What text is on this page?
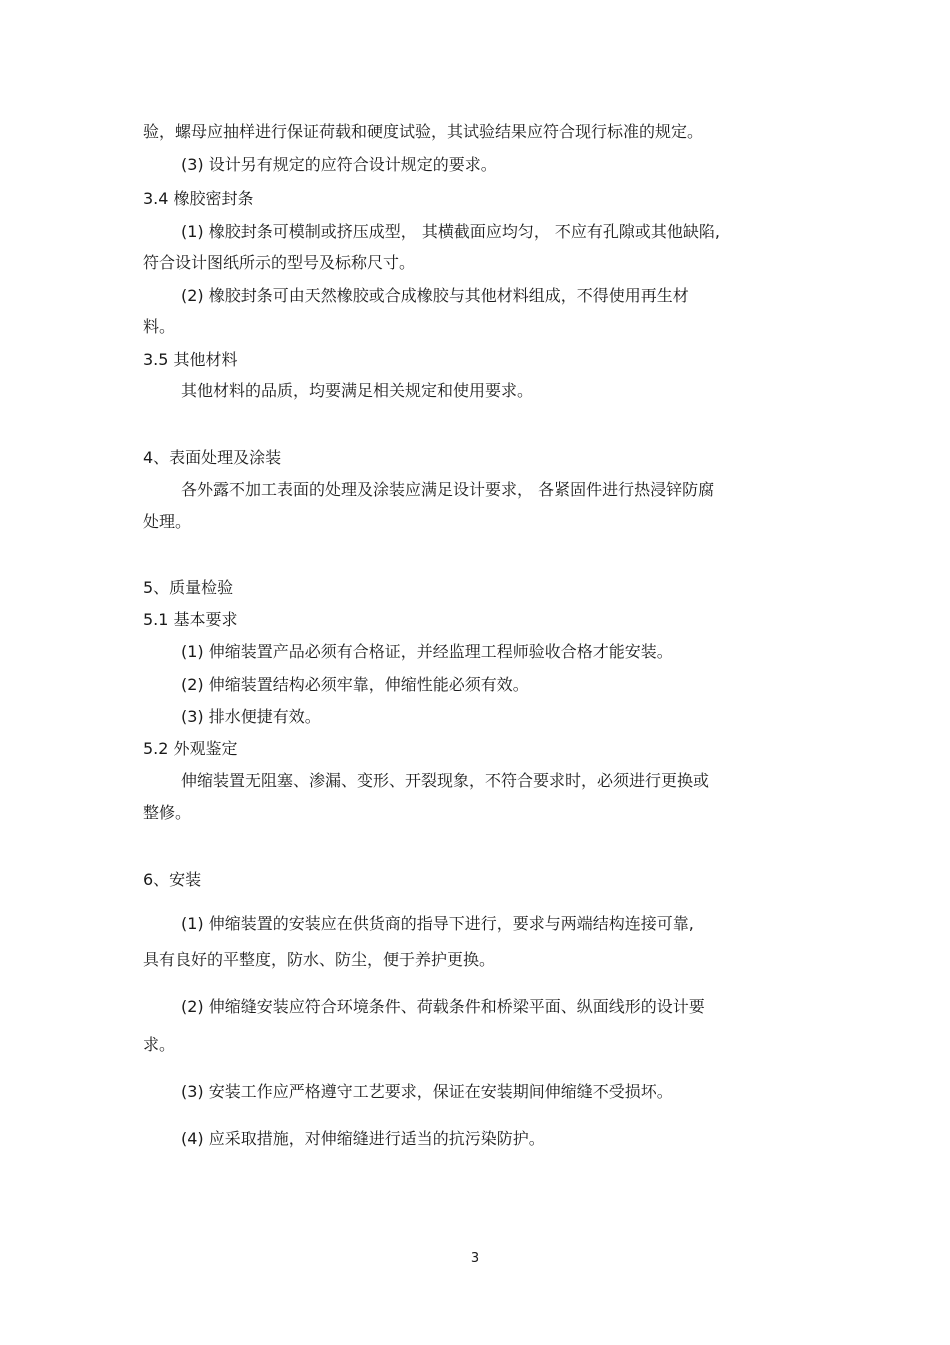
验，螺母应抽样进行保证荷载和硬度试验，其试验结果应符合现行标准的规定。
(3) 设计另有规定的应符合设计规定的要求。
3.4 橡胶密封条
(1) 橡胶封条可模制或挤压成型， 其横截面应均匀， 不应有孔隙或其他缺陷,
符合设计图纸所示的型号及标称尺寸。
(2) 橡胶封条可由天然橡胶或合成橡胶与其他材料组成，不得使用再生材
料。
3.5 其他材料
其他材料的品质，均要满足相关规定和使用要求。
4、表面处理及涂装
各外露不加工表面的处理及涂装应满足设计要求， 各紧固件进行热浸锌防腐
处理。
5、质量检验
5.1 基本要求
(1) 伸缩装置产品必须有合格证，并经监理工程师验收合格才能安装。
(2) 伸缩装置结构必须牢靠，伸缩性能必须有效。
(3) 排水便捷有效。
5.2 外观鉴定
伸缩装置无阻塞、渗漏、变形、开裂现象，不符合要求时，必须进行更换或
整修。
6、安装
(1) 伸缩装置的安装应在供货商的指导下进行，要求与两端结构连接可靠,
具有良好的平整度，防水、防尘，便于养护更换。
(2) 伸缩缝安装应符合环境条件、荷载条件和桥梁平面、纵面线形的设计要
求。
(3) 安装工作应严格遵守工艺要求，保证在安装期间伸缩缝不受损坏。
(4) 应采取措施，对伸缩缝进行适当的抗污染防护。
3
